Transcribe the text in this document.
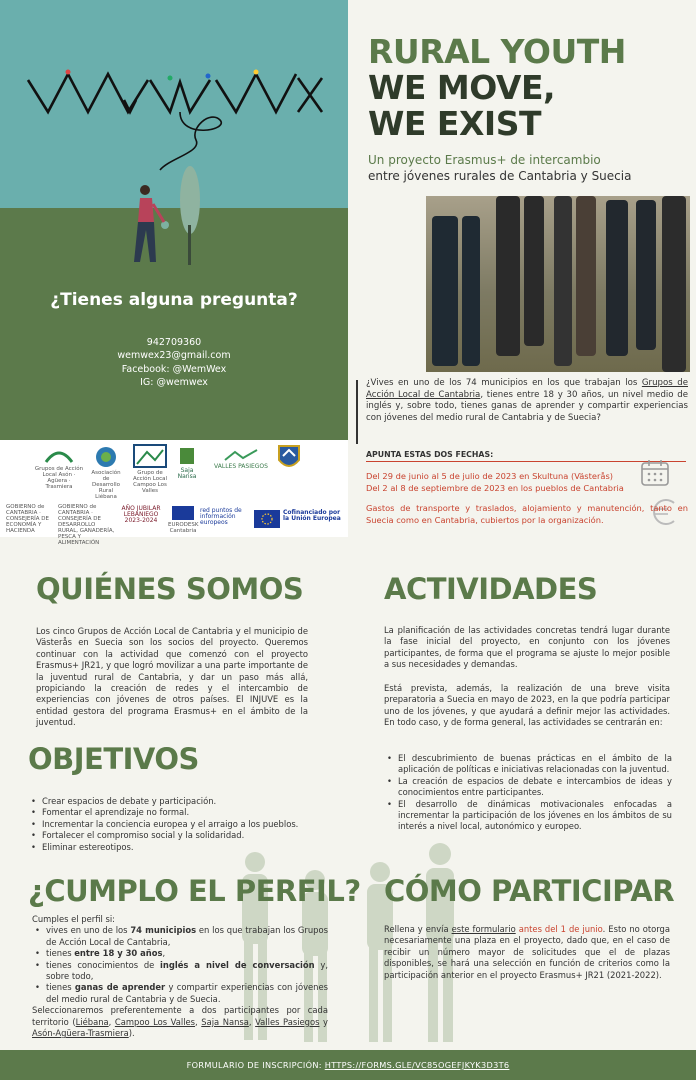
¿Tienes alguna pregunta?
942709360
wemwex23@gmail.com
Facebook: @WemWex
IG: @wemwex
Grupos de Acción Local Asón · Agüera · Trasmiera
Asociación de Desarrollo Rural Liébana
Grupo de Acción Local Campoo Los Valles
Saja Nansa
VALLES PASIEGOS
GOBIERNO de CANTABRIA · CONSEJERÍA DE ECONOMÍA Y HACIENDA
GOBIERNO de CANTABRIA · CONSEJERÍA DE DESARROLLO RURAL, GANADERÍA, PESCA Y ALIMENTACIÓN
AÑO JUBILAR LEBANIEGO 2023-2024
EURODESK Cantabria
red puntos de información europeos
Cofinanciado por la Unión Europea
RURAL YOUTH
WE MOVE,
WE EXIST
Un proyecto Erasmus+ de intercambio
entre jóvenes rurales de Cantabria y Suecia

¿Vives en uno de los 74 municipios en los que trabajan los Grupos de Acción Local de Cantabria, tienes entre 18 y 30 años, un nivel medio de inglés y, sobre todo, tienes ganas de aprender y compartir experiencias con jóvenes del medio rural de Cantabria y de Suecia?

APUNTA ESTAS DOS FECHAS:
Del 29 de junio al 5 de julio de 2023 en Skultuna (Västerås)
Del 2 al 8 de septiembre de 2023 en los pueblos de Cantabria

Gastos de transporte y traslados, alojamiento y manutención, tanto en Suecia como en Cantabria, cubiertos por la organización.

QUIÉNES SOMOS

Los cinco Grupos de Acción Local de Cantabria y el municipio de Västerås en Suecia son los socios del proyecto. Queremos continuar con la actividad que comenzó con el proyecto Erasmus+ JR21, y que logró movilizar a una parte importante de la juventud rural de Cantabria, y dar un paso más allá, propiciando la creación de redes y el intercambio de experiencias con jóvenes de otros países. El INJUVE es la entidad gestora del programa Erasmus+ en el ámbito de la juventud.

OBJETIVOS
• Crear espacios de debate y participación.
• Fomentar el aprendizaje no formal.
• Incrementar la conciencia europea y el arraigo a los pueblos.
• Fortalecer el compromiso social y la solidaridad.
• Eliminar estereotipos.
¿CUMPLO EL PERFIL?
Cumples el perfil si:
• vives en uno de los 74 municipios en los que trabajan los Grupos de Acción Local de Cantabria,
• tienes entre 18 y 30 años,
• tienes conocimientos de inglés a nivel de conversación y, sobre todo,
• tienes ganas de aprender y compartir experiencias con jóvenes del medio rural de Cantabria y de Suecia.
Seleccionaremos preferentemente a dos participantes por cada territorio (Liébana, Campoo Los Valles, Saja Nansa, Valles Pasiegos y Asón-Agüera-Trasmiera).
ACTIVIDADES

La planificación de las actividades concretas tendrá lugar durante la fase inicial del proyecto, en conjunto con los jóvenes participantes, de forma que el programa se ajuste lo mejor posible a sus necesidades y demandas.

Está prevista, además, la realización de una breve visita preparatoria a Suecia en mayo de 2023, en la que podría participar uno de los jóvenes, y que ayudará a definir mejor las actividades. En todo caso, y de forma general, las actividades se centrarán en:

• El descubrimiento de buenas prácticas en el ámbito de la aplicación de políticas e iniciativas relacionadas con la juventud.
• La creación de espacios de debate e intercambios de ideas y conocimientos entre participantes.
• El desarrollo de dinámicas motivacionales enfocadas a incrementar la participación de los jóvenes en los ámbitos de su interés a nivel local, autonómico y europeo.
CÓMO PARTICIPAR

Rellena y envía este formulario antes del 1 de junio. Esto no otorga necesariamente una plaza en el proyecto, dado que, en el caso de recibir un número mayor de solicitudes que el de plazas disponibles, se hará una selección en función de criterios como la participación anterior en el proyecto Erasmus+ JR21 (2021-2022).

FORMULARIO DE INSCRIPCIÓN: HTTPS://FORMS.GLE/VC85OGEFJKYK3D3T6
